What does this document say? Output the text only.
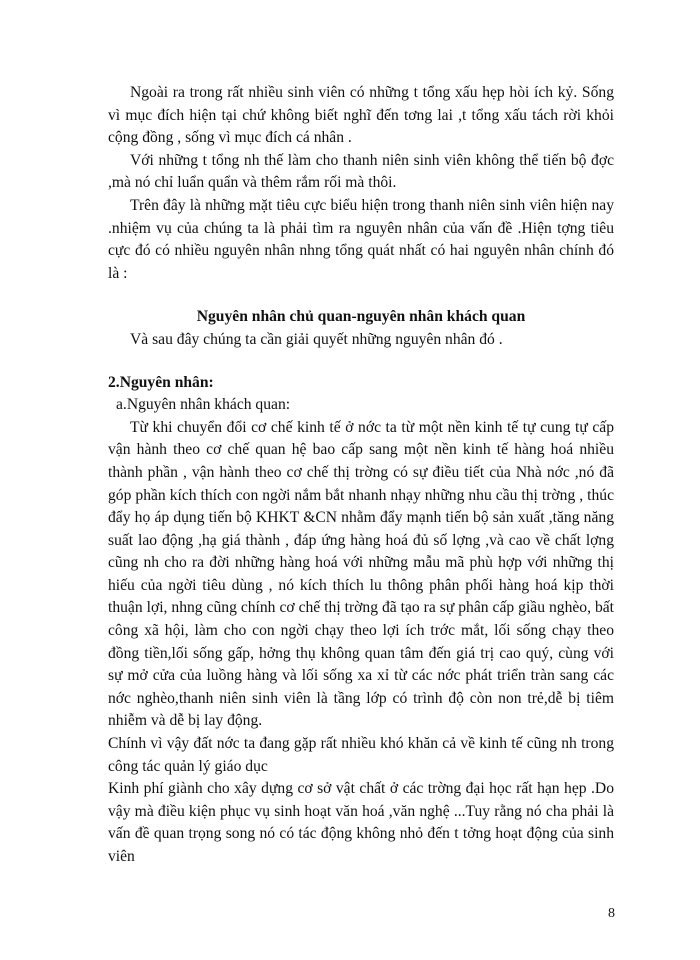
Ngoài ra trong rất nhiều sinh viên có những t tổng xấu hẹp hòi ích kỷ. Sống vì mục đích hiện tại chứ không biết nghĩ đến tơng lai ,t tổng xấu tách rời khỏi cộng đồng , sống vì mục đích cá nhân .

Với những t tổng nh thế làm cho thanh niên sinh viên không thể tiến bộ đợc ,mà nó chỉ luẩn quẩn và thêm rắm rối mà thôi.

Trên đây là những mặt tiêu cực biểu hiện trong thanh niên sinh viên hiện nay .nhiệm vụ của chúng ta là phải tìm ra nguyên nhân của vấn đề .Hiện tợng tiêu cực đó có nhiều nguyên nhân nhng tổng quát nhất có hai nguyên nhân chính đó là :

Nguyên nhân chủ quan-nguyên nhân khách quan

Và sau đây chúng ta cần giải quyết những nguyên nhân đó .

2.Nguyên nhân:

a.Nguyên nhân khách quan:

Từ khi chuyển đổi cơ chế kinh tế ở nớc ta từ một nền kinh tế tự cung tự cấp vận hành theo cơ chế quan hệ bao cấp sang một nền kinh tế hàng hoá nhiều thành phần , vận hành theo cơ chế thị trờng có sự điều tiết của Nhà nớc ,nó đã góp phần kích thích con ngời nắm bắt nhanh nhạy những nhu cầu thị trờng , thúc đẩy họ áp dụng tiến bộ KHKT &CN nhằm đẩy mạnh tiến bộ sản xuất ,tăng năng suất lao động ,hạ giá thành , đáp ứng hàng hoá đủ số lợng ,và cao về chất lợng cũng nh cho ra đời những hàng hoá với những mẫu mã phù hợp với những thị hiếu của ngời tiêu dùng , nó kích thích lu thông phân phối hàng hoá kịp thời thuận lợi, nhng cũng chính cơ chế thị trờng đã tạo ra sự phân cấp giầu nghèo, bất công xã hội, làm cho con ngời chạy theo lợi ích trớc mắt, lối sống chạy theo đồng tiền,lối sống gấp, hởng thụ không quan tâm đến giá trị cao quý, cùng với sự mở cửa của luồng hàng và lối sống xa xỉ từ các nớc phát triển tràn sang các nớc nghèo,thanh niên sinh viên là tầng lớp có trình độ còn non trẻ,dễ bị tiêm nhiễm và dễ bị lay động.

Chính vì vậy đất nớc ta đang gặp rất nhiều khó khăn cả về kinh tế cũng nh trong công tác quản lý giáo dục

Kinh phí giành cho xây dựng cơ sở vật chất ở các trờng đại học rất hạn hẹp .Do vậy mà điều kiện phục vụ sinh hoạt văn hoá ,văn nghệ ...Tuy rằng nó cha phải là vấn đề quan trọng song nó có tác động không nhỏ đến t tởng hoạt động của sinh viên

8
